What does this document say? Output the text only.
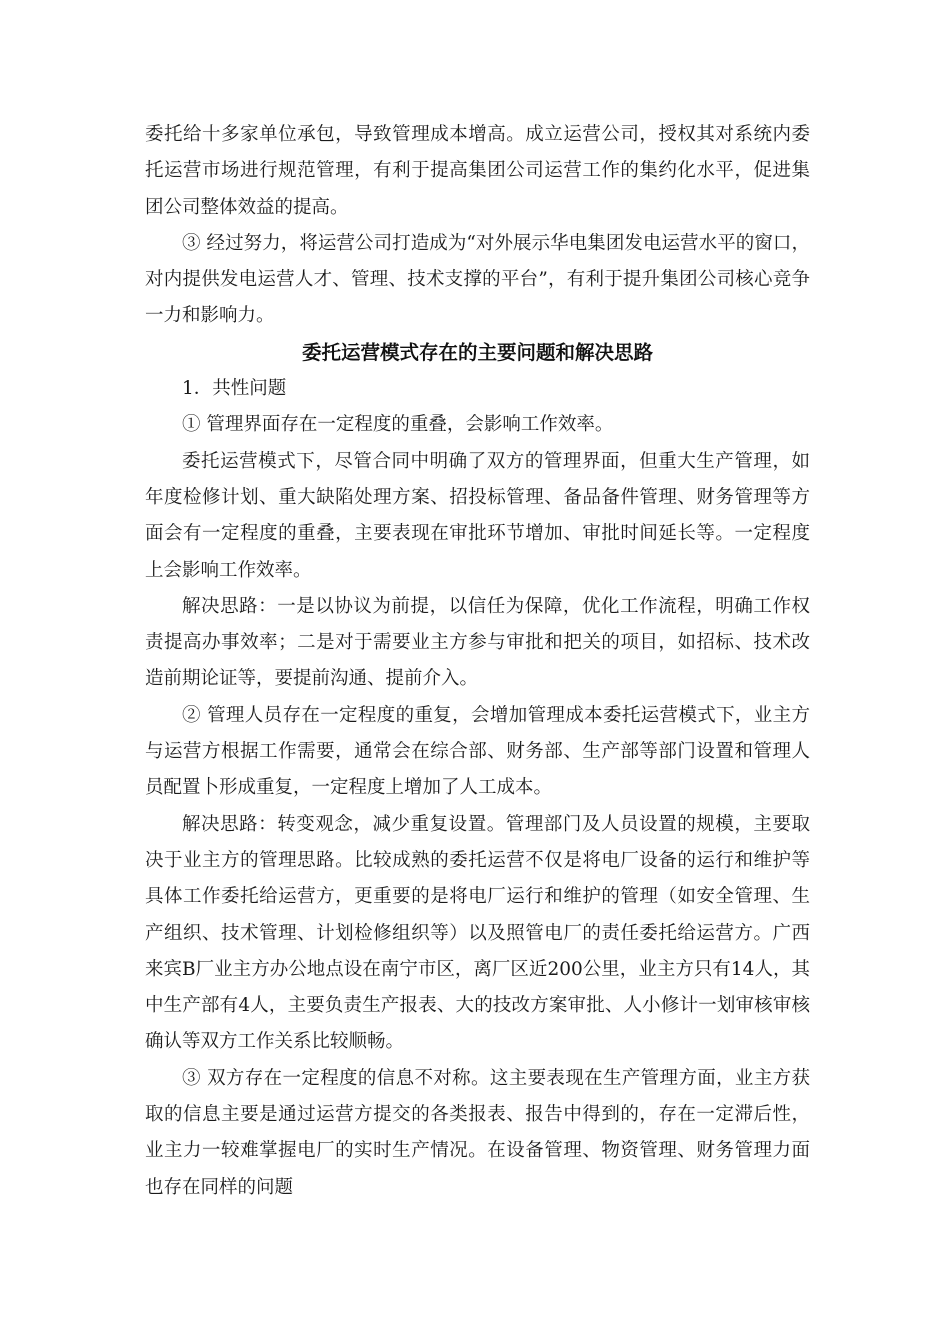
委托给十多家单位承包，导致管理成本增高。成立运营公司，授权其对系统内委托运营市场进行规范管理，有利于提高集团公司运营工作的集约化水平，促进集团公司整体效益的提高。

③ 经过努力，将运营公司打造成为“对外展示华电集团发电运营水平的窗口，对内提供发电运营人才、管理、技术支撑的平台”，有利于提升集团公司核心竞争一力和影响力。

委托运营模式存在的主要问题和解决思路

1．共性问题

① 管理界面存在一定程度的重叠，会影响工作效率。

委托运营模式下，尽管合同中明确了双方的管理界面，但重大生产管理，如年度检修计划、重大缺陷处理方案、招投标管理、备品备件管理、财务管理等方面会有一定程度的重叠，主要表现在审批环节增加、审批时间延长等。一定程度上会影响工作效率。

解决思路：一是以协议为前提，以信任为保障，优化工作流程，明确工作权责提高办事效率；二是对于需要业主方参与审批和把关的项目，如招标、技术改造前期论证等，要提前沟通、提前介入。

② 管理人员存在一定程度的重复，会增加管理成本委托运营模式下，业主方与运营方根据工作需要，通常会在综合部、财务部、生产部等部门设置和管理人员配置卜形成重复，一定程度上增加了人工成本。

解决思路：转变观念，减少重复设置。管理部门及人员设置的规模，主要取决于业主方的管理思路。比较成熟的委托运营不仅是将电厂设备的运行和维护等具体工作委托给运营方，更重要的是将电厂运行和维护的管理（如安全管理、生产组织、技术管理、计划检修组织等）以及照管电厂的责任委托给运营方。广西来宾B厂业主方办公地点设在南宁市区，离厂区近200公里，业主方只有14人，其中生产部有4人，主要负责生产报表、大的技改方案审批、人小修计一划审核审核确认等双方工作关系比较顺畅。

③ 双方存在一定程度的信息不对称。这主要表现在生产管理方面，业主方获取的信息主要是通过运营方提交的各类报表、报告中得到的，存在一定滞后性，业主力一较难掌握电厂的实时生产情况。在设备管理、物资管理、财务管理力面也存在同样的问题
